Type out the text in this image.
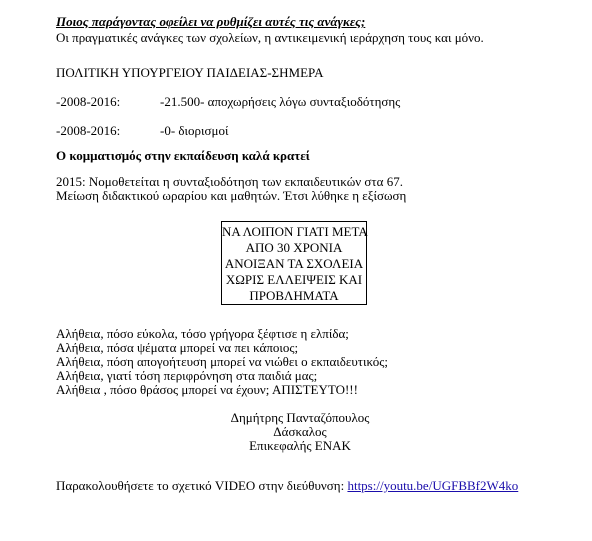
Ποιος παράγοντας οφείλει να ρυθμίζει αυτές τις ανάγκες;
Οι πραγματικές ανάγκες των σχολείων, η αντικειμενική ιεράρχηση τους και μόνο.
ΠΟΛΙΤΙΚΗ ΥΠΟΥΡΓΕΙΟΥ ΠΑΙΔΕΙΑΣ-ΣΗΜΕΡΑ
-2008-2016:	-21.500- αποχωρήσεις λόγω συνταξιοδότησης
-2008-2016:	-0- διορισμοί
Ο κομματισμός στην εκπαίδευση καλά κρατεί
2015: Νομοθετείται η συνταξιοδότηση των εκπαιδευτικών στα 67.
Μείωση διδακτικού ωραρίου και μαθητών. Έτσι λύθηκε η εξίσωση
ΝΑ ΛΟΙΠΟΝ ΓΙΑΤΙ ΜΕΤΑ
ΑΠΟ 30 ΧΡΟΝΙΑ
ΑΝΟΙΞΑΝ ΤΑ ΣΧΟΛΕΙΑ
ΧΩΡΙΣ ΕΛΛΕΙΨΕΙΣ ΚΑΙ
ΠΡΟΒΛΗΜΑΤΑ
Αλήθεια, πόσο εύκολα, τόσο γρήγορα ξέφτισε η ελπίδα;
Αλήθεια, πόσα ψέματα μπορεί να πει κάποιος;
Αλήθεια, πόση απογοήτευση μπορεί να νιώθει ο εκπαιδευτικός;
Αλήθεια, γιατί τόση περιφρόνηση στα παιδιά μας;
Αλήθεια , πόσο θράσος μπορεί να έχουν; ΑΠΙΣΤΕΥΤΟ!!!
Δημήτρης Πανταζόπουλος
Δάσκαλος
Επικεφαλής ΕΝΑΚ
Παρακολουθήσετε το σχετικό VIDEO στην διεύθυνση: https://youtu.be/UGFBBf2W4ko
